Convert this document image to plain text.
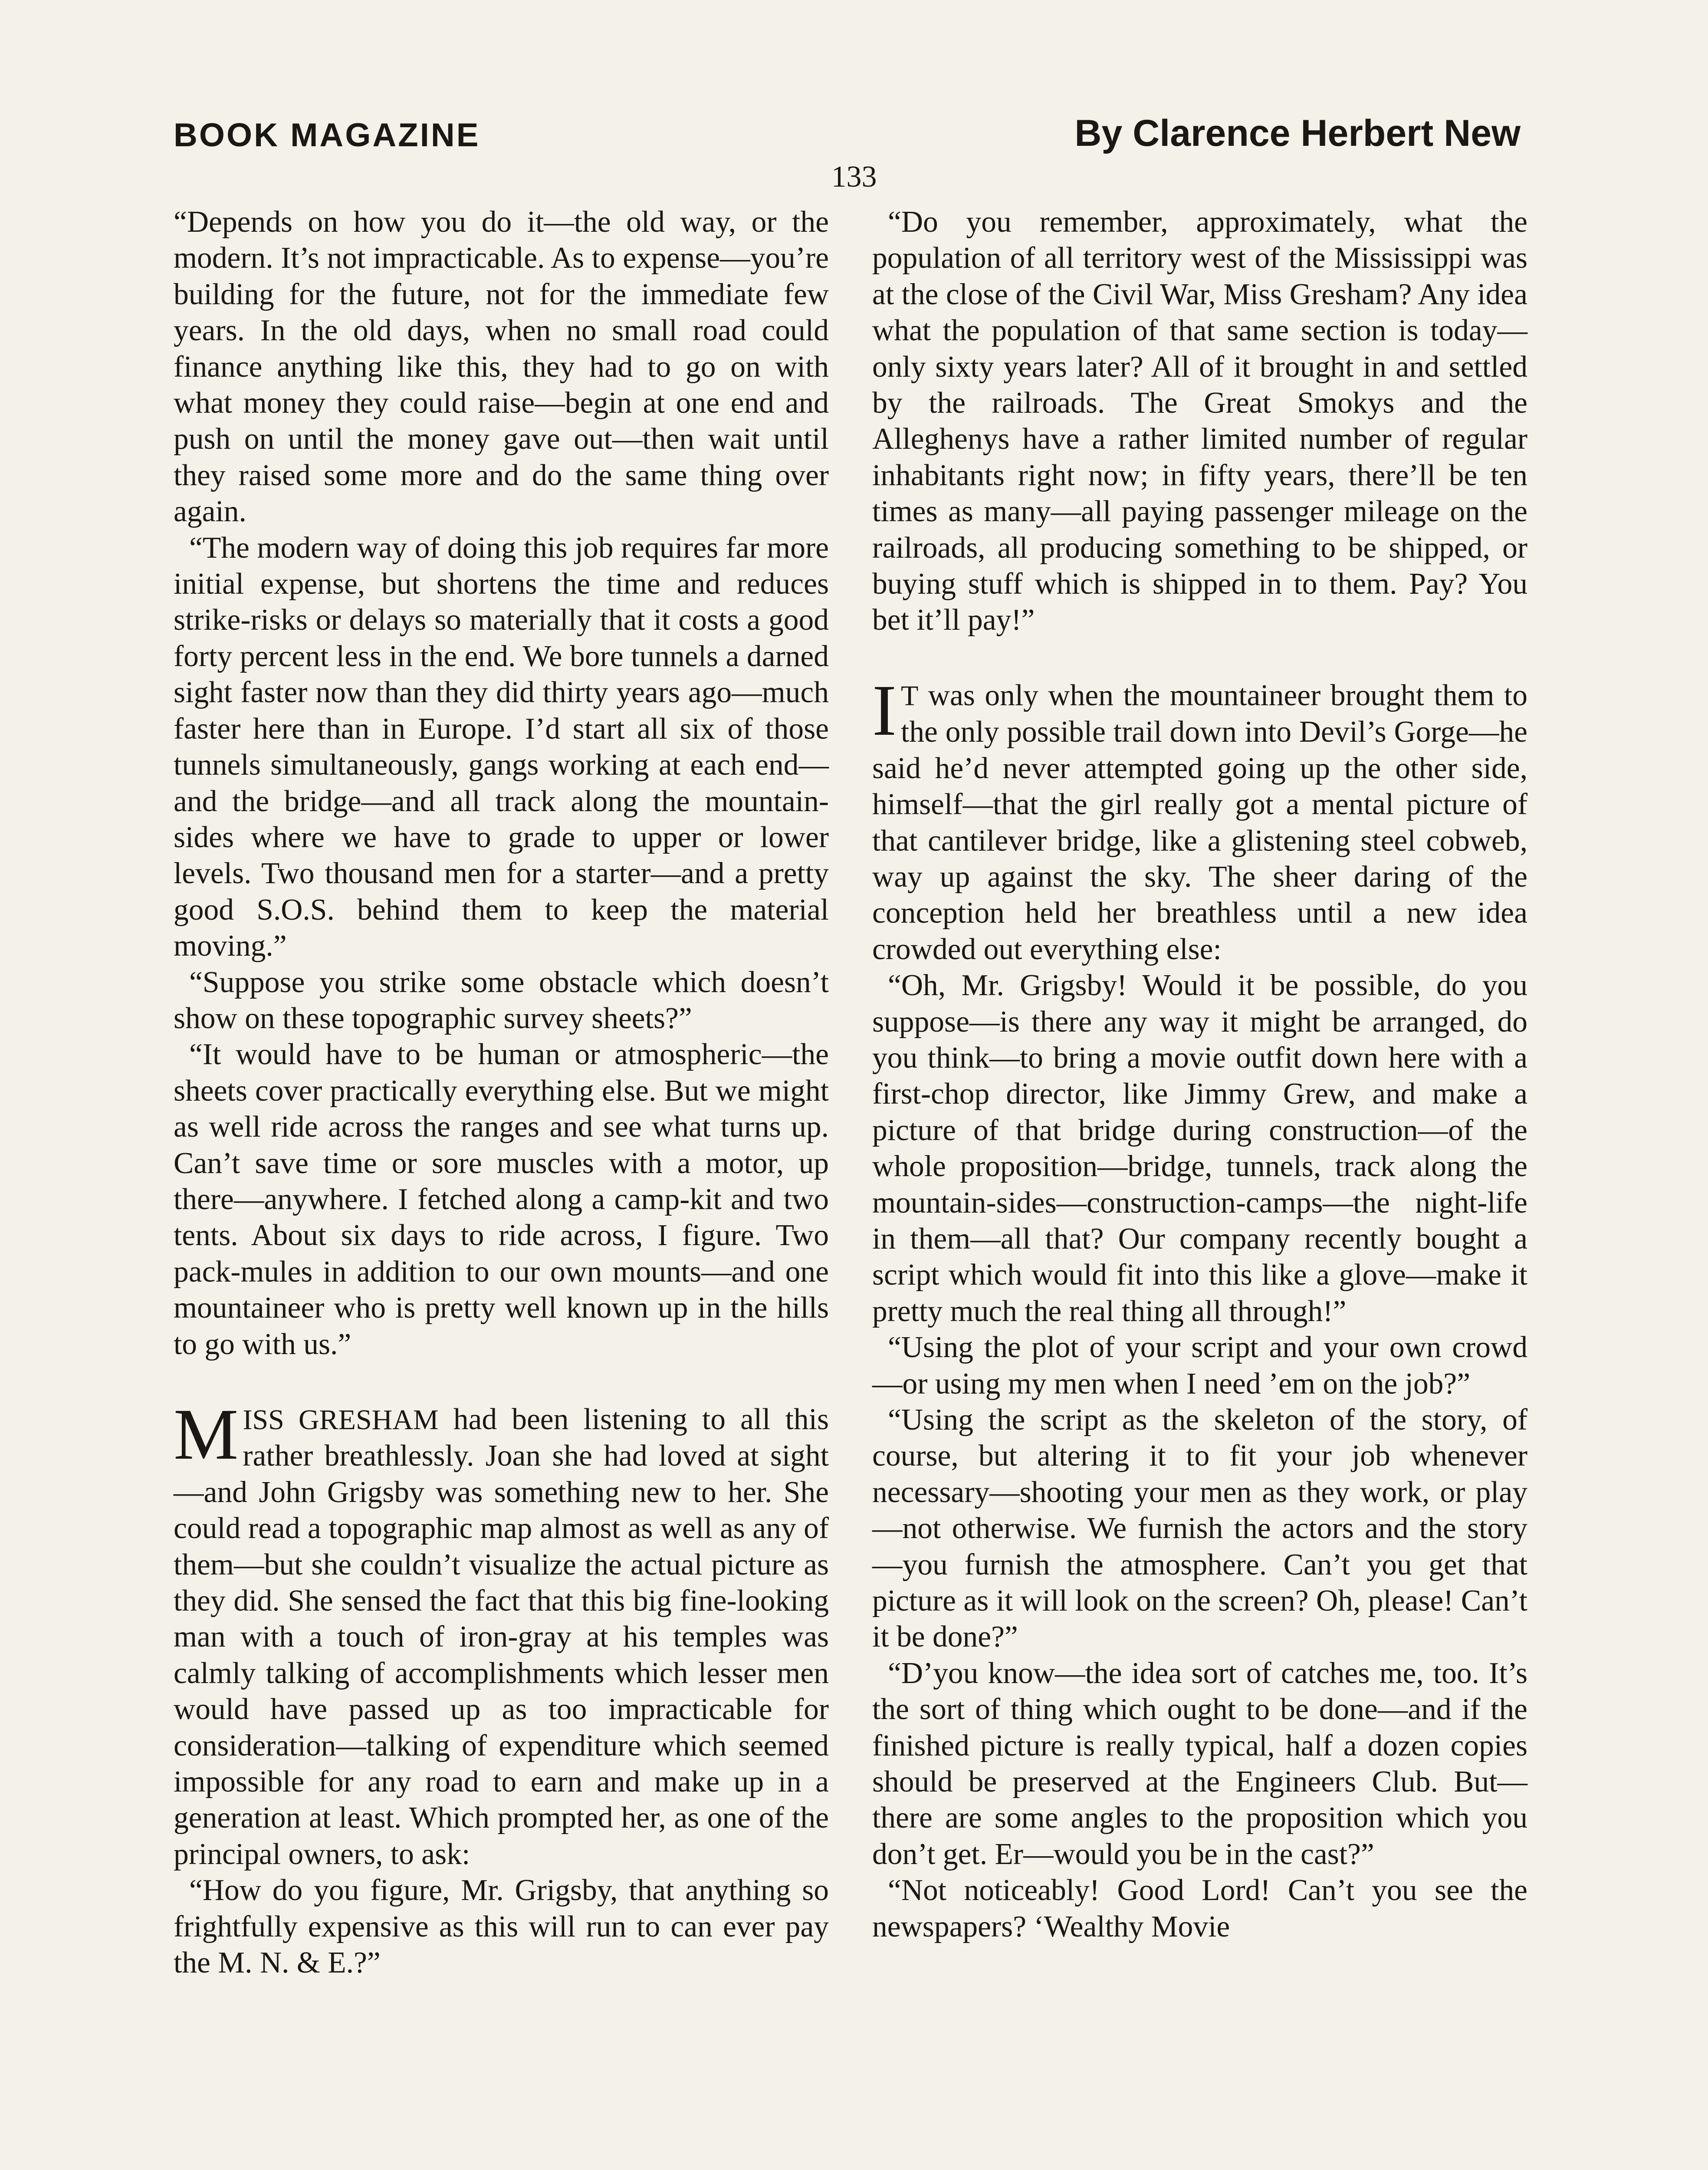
BOOK MAGAZINE	By Clarence Herbert New
133

“Depends on how you do it—the old way, or the modern. It’s not impracticable. As to expense—you’re building for the future, not for the immediate few years. In the old days, when no small road could finance anything like this, they had to go on with what money they could raise—begin at one end and push on until the money gave out—then wait until they raised some more and do the same thing over again.

“The modern way of doing this job requires far more initial expense, but shortens the time and reduces strike-risks or delays so materially that it costs a good forty percent less in the end. We bore tunnels a darned sight faster now than they did thirty years ago—much faster here than in Europe. I’d start all six of those tunnels simultaneously, gangs working at each end—and the bridge—and all track along the mountain-sides where we have to grade to upper or lower levels. Two thousand men for a starter—and a pretty good S.O.S. behind them to keep the material moving.”

“Suppose you strike some obstacle which doesn’t show on these topographic survey sheets?”

“It would have to be human or atmospheric—the sheets cover practically everything else. But we might as well ride across the ranges and see what turns up. Can’t save time or sore muscles with a motor, up there—anywhere. I fetched along a camp-kit and two tents. About six days to ride across, I figure. Two pack-mules in addition to our own mounts—and one mountaineer who is pretty well known up in the hills to go with us.”

MISS GRESHAM had been listening to all this rather breathlessly. Joan she had loved at sight—and John Grigsby was something new to her. She could read a topographic map almost as well as any of them—but she couldn’t visualize the actual picture as they did. She sensed the fact that this big fine-looking man with a touch of iron-gray at his temples was calmly talking of accomplishments which lesser men would have passed up as too impracticable for consideration—talking of expenditure which seemed impossible for any road to earn and make up in a generation at least. Which prompted her, as one of the principal owners, to ask:

“How do you figure, Mr. Grigsby, that anything so frightfully expensive as this will run to can ever pay the M. N. & E.?”

“Do you remember, approximately, what the population of all territory west of the Mississippi was at the close of the Civil War, Miss Gresham? Any idea what the population of that same section is today—only sixty years later? All of it brought in and settled by the railroads. The Great Smokys and the Alleghenys have a rather limited number of regular inhabitants right now; in fifty years, there’ll be ten times as many—all paying passenger mileage on the railroads, all producing something to be shipped, or buying stuff which is shipped in to them. Pay? You bet it’ll pay!”

IT was only when the mountaineer brought them to the only possible trail down into Devil’s Gorge—he said he’d never attempted going up the other side, himself—that the girl really got a mental picture of that cantilever bridge, like a glistening steel cobweb, way up against the sky. The sheer daring of the conception held her breathless until a new idea crowded out everything else:

“Oh, Mr. Grigsby! Would it be possible, do you suppose—is there any way it might be arranged, do you think—to bring a movie outfit down here with a first-chop director, like Jimmy Grew, and make a picture of that bridge during construction—of the whole proposition—bridge, tunnels, track along the mountain-sides—construction-camps—the night-life in them—all that? Our company recently bought a script which would fit into this like a glove—make it pretty much the real thing all through!”

“Using the plot of your script and your own crowd—or using my men when I need ’em on the job?”

“Using the script as the skeleton of the story, of course, but altering it to fit your job whenever necessary—shooting your men as they work, or play—not otherwise. We furnish the actors and the story—you furnish the atmosphere. Can’t you get that picture as it will look on the screen? Oh, please! Can’t it be done?”

“D’you know—the idea sort of catches me, too. It’s the sort of thing which ought to be done—and if the finished picture is really typical, half a dozen copies should be preserved at the Engineers Club. But—there are some angles to the proposition which you don’t get. Er—would you be in the cast?”

“Not noticeably! Good Lord! Can’t you see the newspapers? ‘Wealthy Movie
